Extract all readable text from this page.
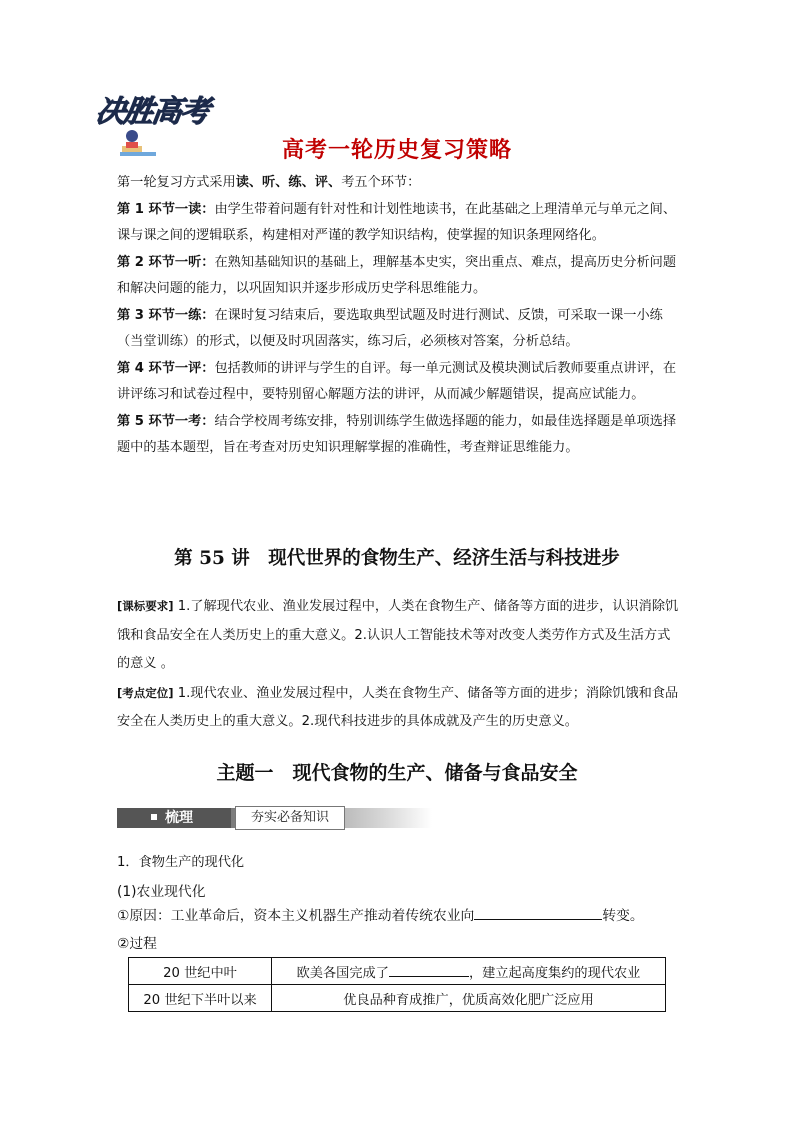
决胜高考
高考一轮历史复习策略

第一轮复习方式采用读、听、练、评、考五个环节：

第 1 环节一读：由学生带着问题有针对性和计划性地读书，在此基础之上理清单元与单元之间、课与课之间的逻辑联系，构建相对严谨的教学知识结构，使掌握的知识条理网络化。

第 2 环节一听：在熟知基础知识的基础上，理解基本史实，突出重点、难点，提高历史分析问题和解决问题的能力，以巩固知识并逐步形成历史学科思维能力。

第 3 环节一练：在课时复习结束后，要选取典型试题及时进行测试、反馈，可采取一课一小练（当堂训练）的形式，以便及时巩固落实，练习后，必须核对答案，分析总结。

第 4 环节一评：包括教师的讲评与学生的自评。每一单元测试及模块测试后教师要重点讲评，在讲评练习和试卷过程中，要特别留心解题方法的讲评，从而减少解题错误，提高应试能力。

第 5 环节一考：结合学校周考练安排，特别训练学生做选择题的能力，如最佳选择题是单项选择题中的基本题型，旨在考查对历史知识理解掌握的准确性，考查辩证思维能力。

第 55 讲　现代世界的食物生产、经济生活与科技进步

[课标要求] 1.了解现代农业、渔业发展过程中，人类在食物生产、储备等方面的进步，认识消除饥饿和食品安全在人类历史上的重大意义。2.认识人工智能技术等对改变人类劳作方式及生活方式的意义 。

[考点定位] 1.现代农业、渔业发展过程中，人类在食物生产、储备等方面的进步；消除饥饿和食品安全在人类历史上的重大意义。2.现代科技进步的具体成就及产生的历史意义。

主题一　现代食物的生产、储备与食品安全
梳理	夯实必备知识
1．食物生产的现代化
(1)农业现代化
①原因：工业革命后，资本主义机器生产推动着传统农业向	转变。
②过程
20 世纪中叶	欧美各国完成了 ，建立起高度集约的现代农业
20 世纪下半叶以来	优良品种育成推广，优质高效化肥广泛应用
